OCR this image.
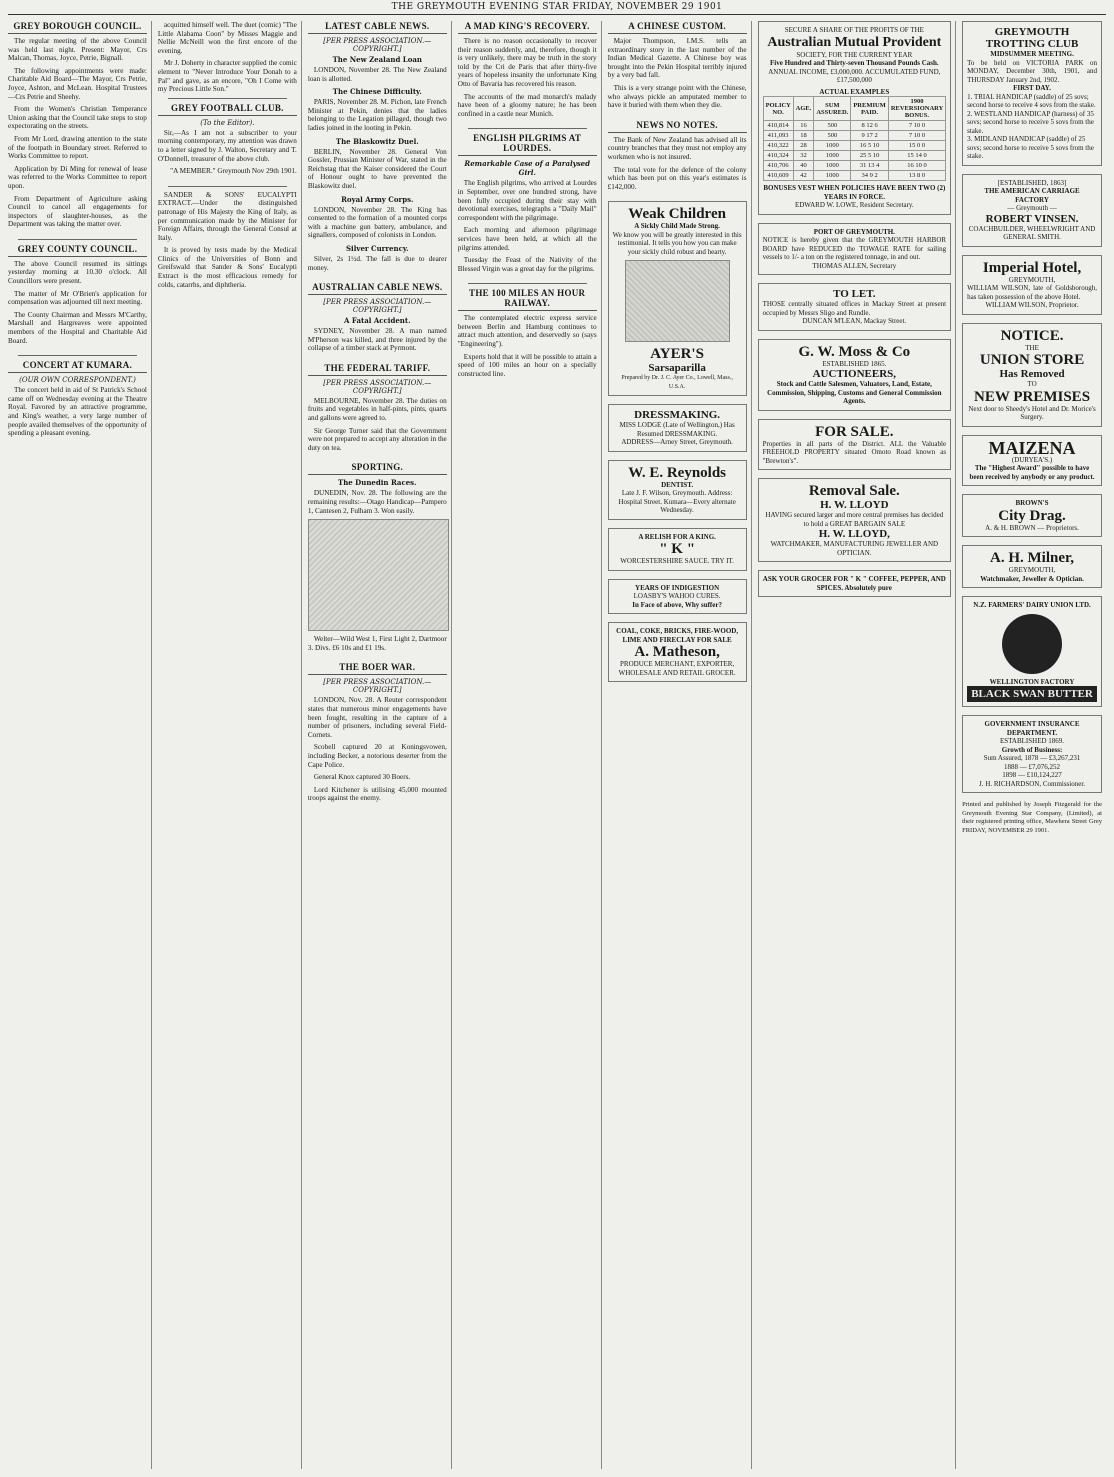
THE GREYMOUTH EVENING STAR FRIDAY, NOVEMBER 29 1901
GREY BOROUGH COUNCIL.

The regular meeting of the above Council was held last night. Present: Mayor, Crs Malcan, Thomas, Joyce, Petrie, Bignall.

The following appointments were made: Charitable Aid Board—The Mayor, Crs Petrie, Joyce, Ashton, and McLean. Hospital Trustees—Crs Petrie and Sheehy.

From the Women's Christian Temperance Union asking that the Council take steps to stop expectorating on the streets.

From Mr Lord, drawing attention to the state of the footpath in Boundary street. Referred to Works Committee to report.

Application by Di Ming for renewal of lease was referred to the Works Committee to report upon.

From Department of Agriculture asking Council to cancel all engagements for inspectors of slaughter-houses, as the Department was taking the matter over.

GREY COUNTY COUNCIL.

The above Council resumed its sittings yesterday morning at 10.30 o'clock. All Councillors were present.

The matter of Mr O'Brien's application for compensation was adjourned till next meeting.

The County Chairman and Messrs M'Carthy, Marshall and Hargreaves were appointed members of the Hospital and Charitable Aid Board.

CONCERT AT KUMARA.
(OUR OWN CORRESPONDENT.)

The concert held in aid of St Patrick's School came off on Wednesday evening at the Theatre Royal. Favored by an attractive programme, and King's weather, a very large number of people availed themselves of the opportunity of spending a pleasant evening.

acquitted himself well. The duet (comic) "The Little Alabama Coon" by Misses Maggie and Nellie McNeill won the first encore of the evening.

Mr J. Doherty in character supplied the comic element to "Never Introduce Your Donah to a Pal" and gave, as an encore, "Oh I Come with my Precious Little Son."

GREY FOOTBALL CLUB.
(To the Editor).

Sir,—As I am not a subscriber to your morning contemporary, my attention was drawn to a letter signed by J. Walton, Secretary and T. O'Donnell, treasurer of the above club.

"A MEMBER." Greymouth Nov 29th 1901.

SANDER & SONS' EUCALYPTI EXTRACT.—Under the distinguished patronage of His Majesty the King of Italy, as per communication made by the Minister for Foreign Affairs, through the General Consul at Italy.

It is proved by tests made by the Medical Clinics of the Universities of Bonn and Greifswald that Sander & Sons' Eucalypti Extract is the most efficacious remedy for colds, catarrhs, and diphtheria.

LATEST CABLE NEWS.
[PER PRESS ASSOCIATION.—COPYRIGHT.]
The New Zealand Loan

LONDON, November 28. The New Zealand loan is allotted.

The Chinese Difficulty.

PARIS, November 28. M. Pichon, late French Minister at Pekin, denies that the ladies belonging to the Legation pillaged, though two ladies joined in the looting in Pekin.

The Blaskowitz Duel.

BERLIN, November 28. General Von Gossler, Prussian Minister of War, stated in the Reichstag that the Kaiser considered the Court of Honour ought to have prevented the Blaskowitz duel.

Royal Army Corps.

LONDON, November 28. The King has consented to the formation of a mounted corps with a machine gun battery, ambulance, and signallers, composed of colonists in London.

Silver Currency.

Silver, 2s 1½d. The fall is due to dearer money.

AUSTRALIAN CABLE NEWS.
[PER PRESS ASSOCIATION.—COPYRIGHT.]
A Fatal Accident.

SYDNEY, November 28. A man named M'Pherson was killed, and three injured by the collapse of a timber stack at Pyrmont.

THE FEDERAL TARIFF.
[PER PRESS ASSOCIATION.—COPYRIGHT.]

MELBOURNE, November 28. The duties on fruits and vegetables in half-pints, pints, quarts and gallons were agreed to.

Sir George Turner said that the Government were not prepared to accept any alteration in the duty on tea.

SPORTING.
The Dunedin Races.

DUNEDIN, Nov. 28. The following are the remaining results:—Otago Handicap—Pampero 1, Cantesen 2, Fulham 3. Won easily.

Welter—Wild West 1, First Light 2, Dartmoor 3. Divs. £6 10s and £1 19s.

THE BOER WAR.
[PER PRESS ASSOCIATION.—COPYRIGHT.]

LONDON, Nov. 28. A Reuter correspondent states that numerous minor engagements have been fought, resulting in the capture of a number of prisoners, including several Field-Cornets.

Scobell captured 20 at Koningsvowen, including Becker, a notorious deserter from the Cape Police.

General Knox captured 30 Boers.

Lord Kitchener is utilising 45,000 mounted troops against the enemy.

A MAD KING'S RECOVERY.

There is no reason occasionally to recover their reason suddenly, and, therefore, though it is very unlikely, there may be truth in the story told by the Cri de Paris that after thirty-five years of hopeless insanity the unfortunate King Otto of Bavaria has recovered his reason.

The accounts of the mad monarch's malady have been of a gloomy nature; he has been confined in a castle near Munich.

ENGLISH PILGRIMS AT LOURDES.
Remarkable Case of a Paralysed Girl.

The English pilgrims, who arrived at Lourdes in September, over one hundred strong, have been fully occupied during their stay with devotional exercises, telegraphs a "Daily Mail" correspondent with the pilgrimage.

Each morning and afternoon pilgrimage services have been held, at which all the pilgrims attended.

Tuesday the Feast of the Nativity of the Blessed Virgin was a great day for the pilgrims.

THE 100 MILES AN HOUR RAILWAY.

The contemplated electric express service between Berlin and Hamburg continues to attract much attention, and deservedly so (says "Engineering").

Experts hold that it will be possible to attain a speed of 100 miles an hour on a specially constructed line.

A CHINESE CUSTOM.

Major Thompson, I.M.S. tells an extraordinary story in the last number of the Indian Medical Gazette. A Chinese boy was brought into the Pekin Hospital terribly injured by a very bad fall.

This is a very strange point with the Chinese, who always pickle an amputated member to have it buried with them when they die.

NEWS NO NOTES.

The Bank of New Zealand has advised all its country branches that they must not employ any workmen who is not insured.

The total vote for the defence of the colony which has been put on this year's estimates is £142,000.

Weak Children
A Sickly Child Made Strong.
We know you will be greatly interested in this testimonial. It tells you how you can make your sickly child robust and hearty.
AYER'S
Sarsaparilla
Prepared by Dr. J. C. Ayer Co., Lowell, Mass., U.S.A.
DRESSMAKING.
MISS LODGE (Late of Wellington,) Has Resumed DRESSMAKING.
ADDRESS—Arney Street, Greymouth.
W. E. Reynolds
DENTIST.
Late J. F. Wilson, Greymouth. Address: Hospital Street. Kumara—Every alternate Wednesday.
A RELISH FOR A KING.
" K "
WORCESTERSHIRE SAUCE. TRY IT.
YEARS OF INDIGESTION
LOASBY'S WAHOO CURES.
In Face of above, Why suffer?
COAL, COKE, BRICKS, FIRE-WOOD, LIME AND FIRECLAY FOR SALE
A. Matheson,
PRODUCE MERCHANT, EXPORTER, WHOLESALE AND RETAIL GROCER.
SECURE A SHARE OF THE PROFITS OF THE
Australian Mutual Provident
SOCIETY, FOR THE CURRENT YEAR
Five Hundred and Thirty-seven Thousand Pounds Cash.
ANNUAL INCOME, £3,000,000. ACCUMULATED FUND, £17,500,000
ACTUAL EXAMPLES
POLICY NO.	AGE.	SUM ASSURED.	PREMIUM PAID.	1900 REVERSIONARY BONUS.
410,814	16	500	8 12 6	7 10 0
411,093	18	500	9 17 2	7 10 0
410,322	28	1000	16 5 10	15 0 0
410,324	32	1000	25 5 10	15 14 0
410,706	40	1000	31 13 4	16 10 0
410,609	42	1000	34 9 2	13 8 0
BONUSES VEST WHEN POLICIES HAVE BEEN TWO (2) YEARS IN FORCE.
EDWARD W. LOWE, Resident Secretary.
PORT OF GREYMOUTH.
NOTICE is hereby given that the GREYMOUTH HARBOR BOARD have REDUCED the TOWAGE RATE for sailing vessels to 1/- a ton on the registered tonnage, in and out.
THOMAS ALLEN, Secretary
TO LET.
THOSE centrally situated offices in Mackay Street at present occupied by Messrs Sligo and Rundle.
DUNCAN M'LEAN, Mackay Street.
G. W. Moss & Co
ESTABLISHED 1865.
AUCTIONEERS,
Stock and Cattle Salesmen, Valuators, Land, Estate, Commission, Shipping, Customs and General Commission Agents.
FOR SALE.
Properties in all parts of the District. ALL the Valuable FREEHOLD PROPERTY situated Omoto Road known as "Brewton's".
Removal Sale.
H. W. LLOYD
HAVING secured larger and more central premises has decided to hold a GREAT BARGAIN SALE
H. W. LLOYD,
WATCHMAKER, MANUFACTURING JEWELLER AND OPTICIAN.
ASK YOUR GROCER FOR " K " COFFEE, PEPPER, AND SPICES. Absolutely pure
GREYMOUTH TROTTING CLUB
MIDSUMMER MEETING.
To be held on VICTORIA PARK on MONDAY, December 30th, 1901, and THURSDAY January 2nd, 1902.
FIRST DAY.
1. TRIAL HANDICAP (saddle) of 25 sovs; second horse to receive 4 sovs from the stake.
2. WESTLAND HANDICAP (harness) of 35 sovs; second horse to receive 5 sovs from the stake.
3. MIDLAND HANDICAP (saddle) of 25 sovs; second horse to receive 5 sovs from the stake.
[ESTABLISHED, 1863]
THE AMERICAN CARRIAGE FACTORY
— Greymouth —
ROBERT VINSEN.
COACHBUILDER, WHEELWRIGHT AND GENERAL SMITH.
Imperial Hotel,
GREYMOUTH,
WILLIAM WILSON, late of Goldsborough, has taken possession of the above Hotel.
WILLIAM WILSON, Proprietor.
NOTICE.
THE
UNION STORE
Has Removed
TO
NEW PREMISES
Next door to Sheedy's Hotel and Dr. Morice's Surgery.
MAIZENA
(DURYEA'S.)
The "Highest Award" possible to have been received by anybody or any product.
BROWN'S
City Drag.
A. & H. BROWN — Proprietors.
A. H. Milner,
GREYMOUTH,
Watchmaker, Jeweller & Optician.
N.Z. FARMERS' DAIRY UNION LTD.
WELLINGTON FACTORY
BLACK SWAN BUTTER
GOVERNMENT INSURANCE DEPARTMENT.
ESTABLISHED 1869.
Growth of Business:
Sum Assured, 1878 — £3,267,231
1888 — £7,076,252
1898 — £10,124,227
J. H. RICHARDSON, Commissioner.
Printed and published by Joseph Fitzgerald for the Greymouth Evening Star Company, (Limited), at their registered printing office, Mawhera Street Grey FRIDAY, NOVEMBER 29 1901.
